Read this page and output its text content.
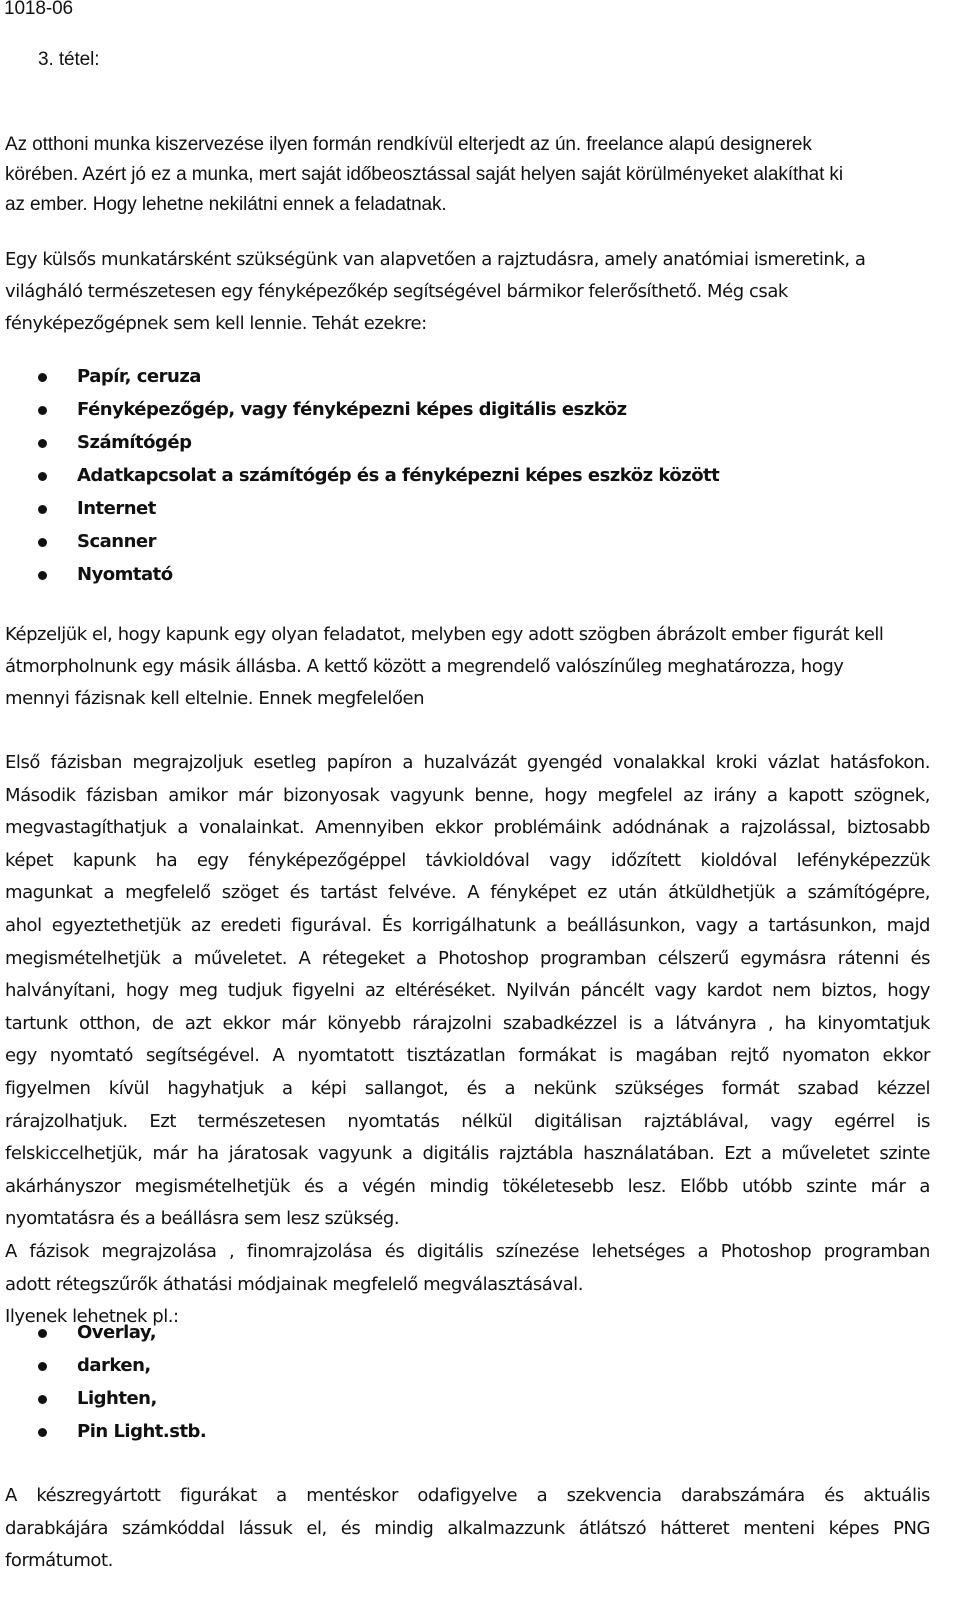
1018-06
3. tétel:
Az otthoni munka kiszervezése ilyen formán rendkívül elterjedt az ún. freelance alapú designerek
körében. Azért jó ez a munka, mert saját időbeosztással saját helyen saját körülményeket alakíthat ki
az ember. Hogy lehetne nekilátni ennek a feladatnak.
Egy külsős munkatársként szükségünk van alapvetően a rajztudásra, amely anatómiai ismeretink, a
világháló természetesen egy fényképezőkép segítségével bármikor felerősíthető. Még csak
fényképezőgépnek sem kell lennie. Tehát ezekre:
Papír, ceruza
Fényképezőgép, vagy fényképezni képes digitális eszköz
Számítógép
Adatkapcsolat a számítógép és a fényképezni képes eszköz között
Internet
Scanner
Nyomtató
Képzeljük el, hogy kapunk egy olyan feladatot, melyben egy adott szögben ábrázolt ember figurát kell
átmorpholnunk egy másik állásba. A kettő között a megrendelő valószínűleg meghatározza, hogy
mennyi fázisnak kell eltelnie. Ennek megfelelően
Első fázisban megrajzoljuk esetleg papíron a huzalvázát gyengéd vonalakkal kroki vázlat hatásfokon.
Második fázisban amikor már bizonyosak vagyunk benne, hogy megfelel az irány a kapott szögnek,
megvastagíthatjuk a vonalainkat. Amennyiben ekkor problémáink adódnának a rajzolással, biztosabb
képet kapunk ha egy fényképezőgéppel távkioldóval vagy időzített kioldóval lefényképezzük
magunkat a megfelelő szöget és tartást felvéve. A fényképet ez után átküldhetjük a számítógépre,
ahol egyeztethetjük az eredeti figurával. És korrigálhatunk a beállásunkon, vagy a tartásunkon, majd
megismételhetjük a műveletet. A rétegeket a Photoshop programban célszerű egymásra rátenni és
halványítani, hogy meg tudjuk figyelni az eltéréséket. Nyilván páncélt vagy kardot nem biztos, hogy
tartunk otthon, de azt ekkor már könyebb rárajzolni szabadkézzel is a látványra , ha kinyomtatjuk
egy nyomtató segítségével. A nyomtatott tisztázatlan formákat is magában rejtő nyomaton ekkor
figyelmen kívül hagyhatjuk a képi sallangot, és a nekünk szükséges formát szabad kézzel
rárajzolhatjuk. Ezt természetesen nyomtatás nélkül digitálisan rajztáblával, vagy egérrel is
felskiccelhetjük, már ha járatosak vagyunk a digitális rajztábla használatában. Ezt a műveletet szinte
akárhányszor megismételhetjük és a végén mindig tökéletesebb lesz. Előbb utóbb szinte már a
nyomtatásra és a beállásra sem lesz szükség.
A fázisok megrajzolása , finomrajzolása és digitális színezése lehetséges a Photoshop programban
adott rétegszűrők áthatási módjainak megfelelő megválasztásával.
Ilyenek lehetnek pl.:
Overlay,
darken,
Lighten,
Pin Light.stb.
A készregyártott figurákat a mentéskor odafigyelve a szekvencia darabszámára és aktuális
darabkájára számkóddal lássuk el, és mindig alkalmazzunk átlátszó hátteret menteni képes PNG
formátumot.
